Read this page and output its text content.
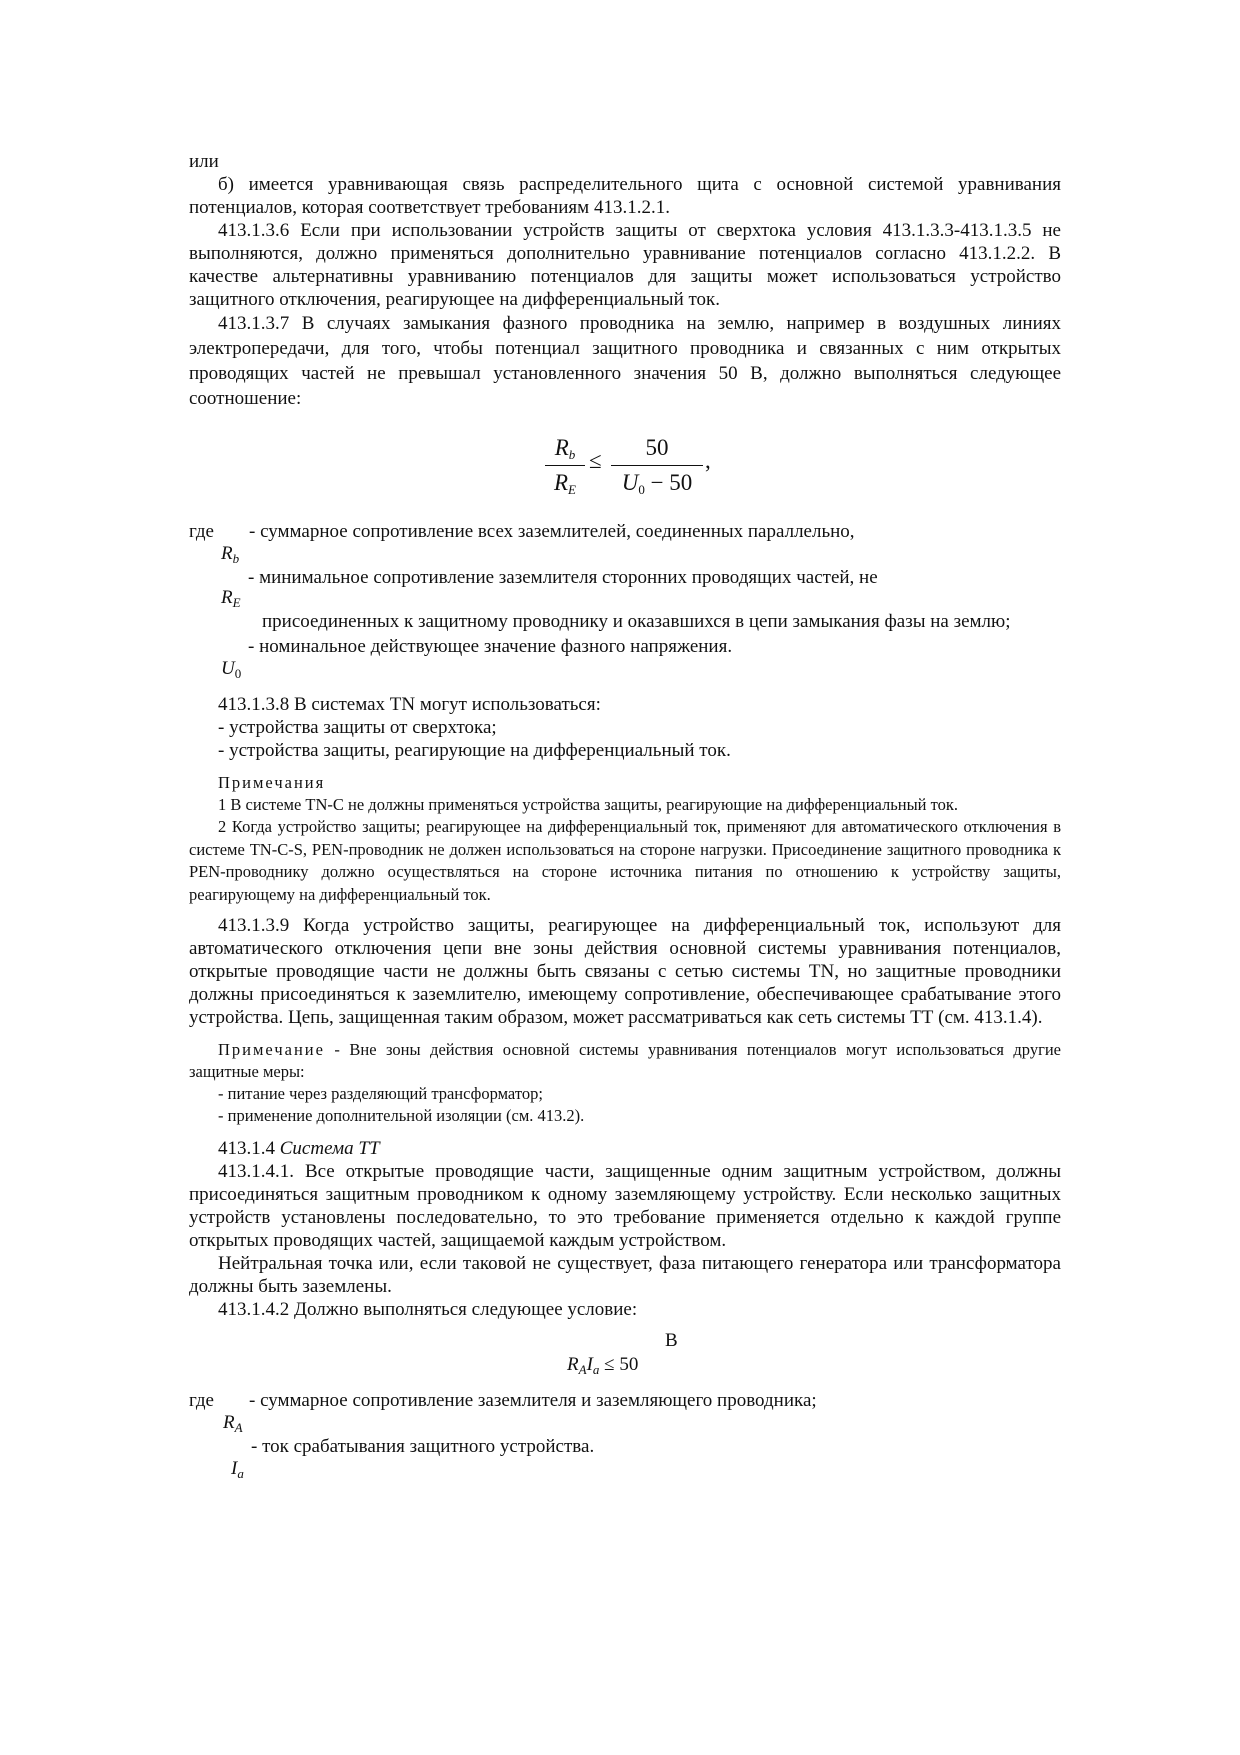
или

б) имеется уравнивающая связь распределительного щита с основной системой уравнивания потенциалов, которая соответствует требованиям 413.1.2.1.

413.1.3.6 Если при использовании устройств защиты от сверхтока условия 413.1.3.3-413.1.3.5 не выполняются, должно применяться дополнительно уравнивание потенциалов согласно 413.1.2.2. В качестве альтернативны уравниванию потенциалов для защиты может использоваться устройство защитного отключения, реагирующее на дифференциальный ток.

413.1.3.7 В случаях замыкания фазного проводника на землю, например в воздушных линиях электропередачи, для того, чтобы потенциал защитного проводника и связанных с ним открытых проводящих частей не превышал установленного значения 50 В, должно выполняться следующее соотношение:

$\frac{R_b}{R_E} \le \frac{50}{U_0 - 50}$ ,
где - суммарное сопротивление всех заземлителей, соединенных параллельно,
$R_b$

- минимальное сопротивление заземлителя сторонних проводящих частей, не

$R_E$

присоединенных к защитному проводнику и оказавшихся в цепи замыкания фазы на землю;

- номинальное действующее значение фазного напряжения.
$U_0$

413.1.3.8 В системах TN могут использоваться:

- устройства защиты от сверхтока;

- устройства защиты, реагирующие на дифференциальный ток.

Примечания

1 В системе TN-C не должны применяться устройства защиты, реагирующие на дифференциальный ток.

2 Когда устройство защиты; реагирующее на дифференциальный ток, применяют для автоматического отключения в системе TN-C-S, PEN-проводник не должен использоваться на стороне нагрузки. Присоединение защитного проводника к PEN-проводнику должно осуществляться на стороне источника питания по отношению к устройству защиты, реагирующему на дифференциальный ток.

413.1.3.9 Когда устройство защиты, реагирующее на дифференциальный ток, используют для автоматического отключения цепи вне зоны действия основной системы уравнивания потенциалов, открытые проводящие части не должны быть связаны с сетью системы TN, но защитные проводники должны присоединяться к заземлителю, имеющему сопротивление, обеспечивающее срабатывание этого устройства. Цепь, защищенная таким образом, может рассматриваться как сеть системы ТТ (см. 413.1.4).

Примечание - Вне зоны действия основной системы уравнивания потенциалов могут использоваться другие защитные меры:

- питание через разделяющий трансформатор;

- применение дополнительной изоляции (см. 413.2).

413.1.4 Система ТТ

413.1.4.1. Все открытые проводящие части, защищенные одним защитным устройством, должны присоединяться защитным проводником к одному заземляющему устройству. Если несколько защитных устройств установлены последовательно, то это требование применяется отдельно к каждой группе открытых проводящих частей, защищаемой каждым устройством.

Нейтральная точка или, если таковой не существует, фаза питающего генератора или трансформатора должны быть заземлены.

413.1.4.2 Должно выполняться следующее условие:

В
$R_AI_a \le 50$
где - суммарное сопротивление заземлителя и заземляющего проводника;
$R_A$
- ток срабатывания защитного устройства.
$I_a$
